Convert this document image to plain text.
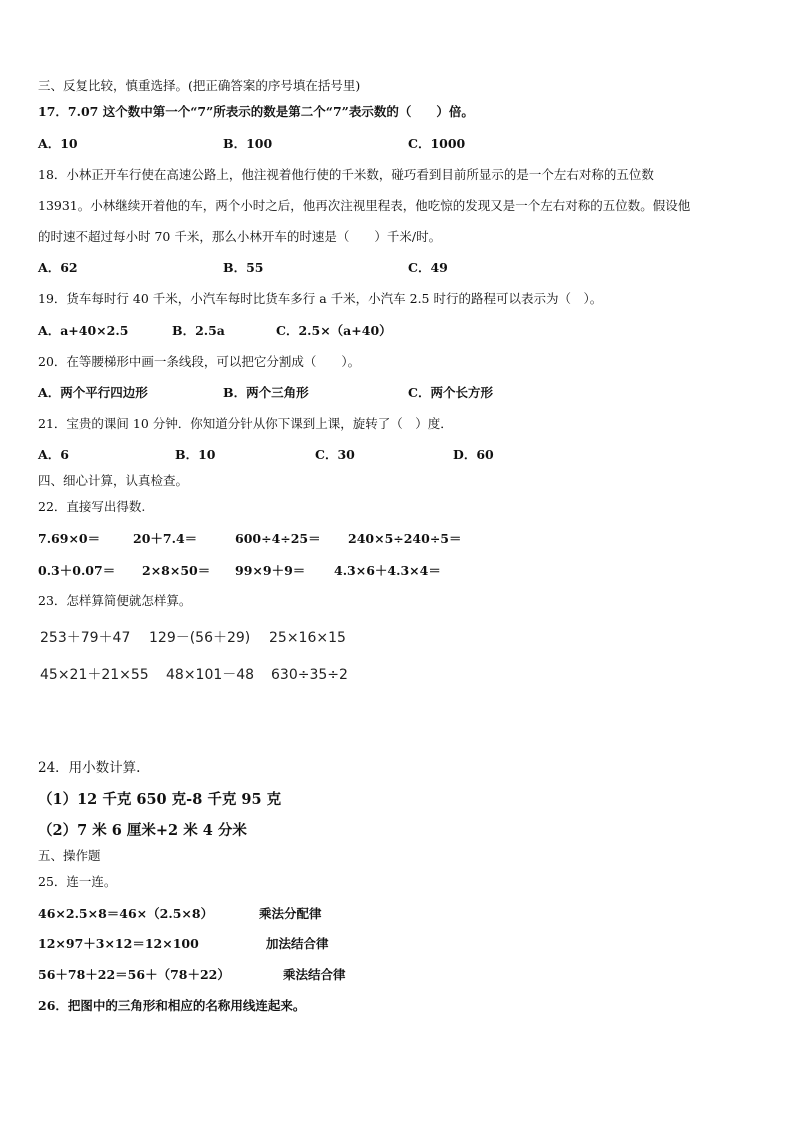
三、反复比较，慎重选择。(把正确答案的序号填在括号里)
17．7.07 这个数中第一个“7”所表示的数是第二个“7”表示数的（　　）倍。
A．10	B．100	C．1000
18．小林正开车行使在高速公路上，他注视着他行使的千米数，碰巧看到目前所显示的是一个左右对称的五位数
13931。小林继续开着他的车，两个小时之后，他再次注视里程表，他吃惊的发现又是一个左右对称的五位数。假设他
的时速不超过每小时 70 千米，那么小林开车的时速是（　　）千米/时。
A．62	B．55	C．49
19．货车每时行 40 千米，小汽车每时比货车多行 a 千米，小汽车 2.5 时行的路程可以表示为（　）。
A．a+40×2.5	B．2.5a	C．2.5×（a+40）
20．在等腰梯形中画一条线段，可以把它分割成（　　）。
A．两个平行四边形	B．两个三角形	C．两个长方形
21．宝贵的课间 10 分钟．你知道分针从你下课到上课，旋转了（　）度．
A．6	B．10	C．30	D．60
四、细心计算，认真检查。
22．直接写出得数.
7.69×0＝	20＋7.4＝	600÷4÷25＝ 240×5÷240÷5＝
0.3＋0.07＝ 2×8×50＝ 99×9＋9＝ 4.3×6＋4.3×4＝
23．怎样算简便就怎样算。
253＋79＋47 129－(56＋29) 25×16×15
45×21＋21×55 48×101－48 630÷35÷2
24．用小数计算.
（1）12 千克 650 克-8 千克 95 克
（2）7 米 6 厘米+2 米 4 分米
五、操作题
25．连一连。
46×2.5×8＝46×（2.5×8）	乘法分配律
12×97＋3×12＝12×100	加法结合律
56＋78＋22＝56＋（78＋22）	乘法结合律
26．把图中的三角形和相应的名称用线连起来。
